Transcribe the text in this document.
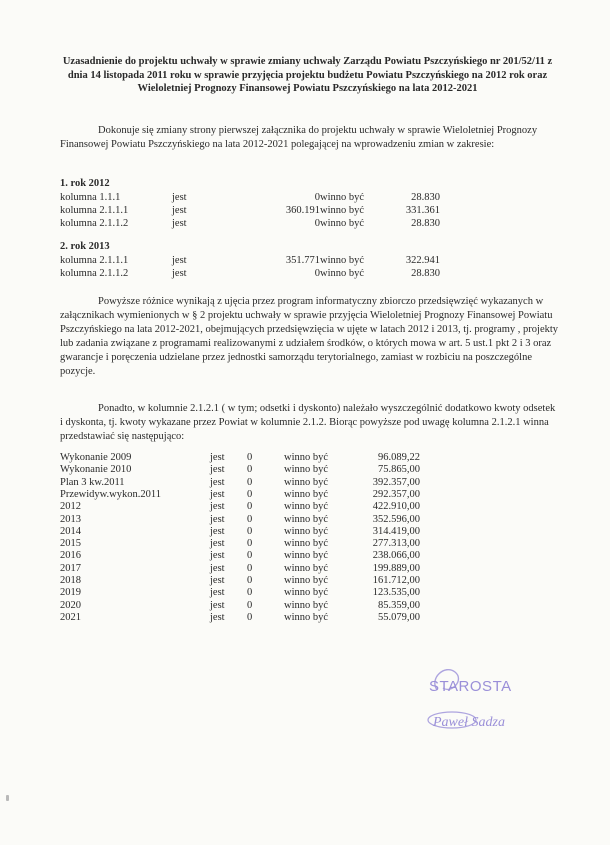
Uzasadnienie do projektu uchwały w sprawie zmiany uchwały Zarządu Powiatu Pszczyńskiego nr 201/52/11 z dnia 14 listopada 2011 roku w sprawie przyjęcia projektu budżetu Powiatu Pszczyńskiego na 2012 rok oraz Wieloletniej Prognozy Finansowej Powiatu Pszczyńskiego na lata 2012-2021
Dokonuje się zmiany strony pierwszej załącznika do projektu uchwały w sprawie Wieloletniej Prognozy Finansowej Powiatu Pszczyńskiego na lata 2012-2021 polegającej na wprowadzeniu zmian w zakresie:
1. rok 2012
kolumna 1.1.1	jest	0 winno być	28.830
kolumna 2.1.1.1	jest	360.191 winno być	331.361
kolumna 2.1.1.2	jest	0 winno być	28.830
2. rok 2013
kolumna 2.1.1.1	jest	351.771 winno być	322.941
kolumna 2.1.1.2	jest	0 winno być	28.830
Powyższe różnice wynikają z ujęcia przez program informatyczny zbiorczo przedsięwzięć wykazanych w załącznikach wymienionych w § 2 projektu uchwały w sprawie przyjęcia Wieloletniej Prognozy Finansowej Powiatu Pszczyńskiego na lata 2012-2021, obejmujących przedsięwzięcia w ujęte w latach 2012 i 2013, tj. programy , projekty lub zadania związane z programami realizowanymi z udziałem środków, o których mowa w art. 5 ust.1 pkt 2 i 3 oraz gwarancje i poręczenia udzielane przez jednostki samorządu terytorialnego, zamiast w rozbiciu na poszczególne pozycje.
Ponadto, w kolumnie 2.1.2.1 ( w tym; odsetki i dyskonto) należało wyszczególnić dodatkowo kwoty odsetek i dyskonta, tj. kwoty wykazane przez Powiat w kolumnie 2.1.2. Biorąc powyższe pod uwagę kolumna 2.1.2.1 winna przedstawiać się następująco:
Wykonanie 2009	jest 0	winno być	96.089,22
Wykonanie 2010	jest 0	winno być	75.865,00
Plan 3 kw.2011	jest 0	winno być	392.357,00
Przewidyw.wykon.2011	jest 0	winno być	292.357,00
2012	jest 0	winno być	422.910,00
2013	jest 0	winno być	352.596,00
2014	jest 0	winno być	314.419,00
2015	jest 0	winno być	277.313,00
2016	jest 0	winno być	238.066,00
2017	jest 0	winno być	199.889,00
2018	jest 0	winno być	161.712,00
2019	jest 0	winno być	123.535,00
2020	jest 0	winno być	85.359,00
2021	jest 0	winno być	55.079,00
STAROSTA
Paweł Sadza
